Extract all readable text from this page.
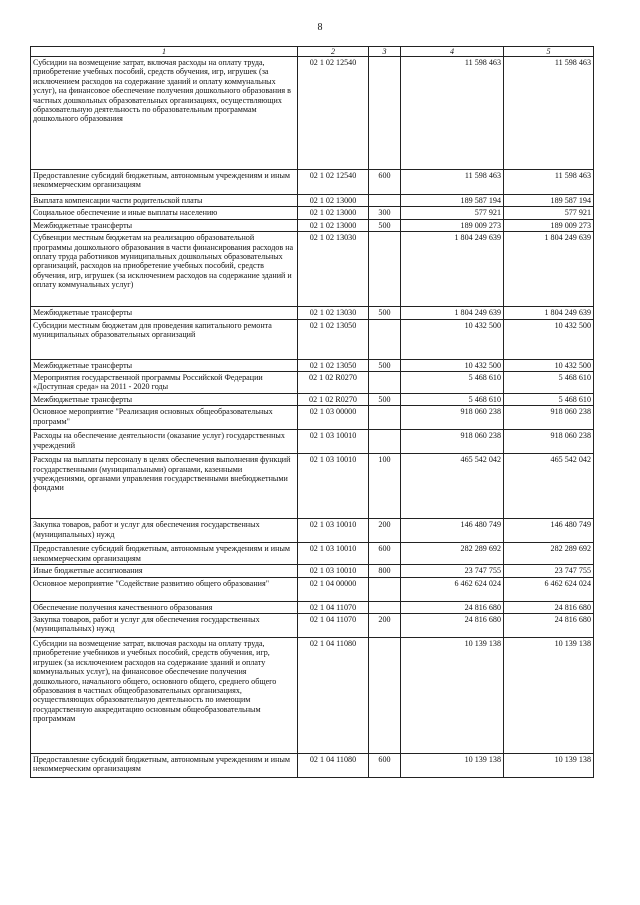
8
1	2	3	4	5
Субсидии на возмещение затрат, включая расходы на оплату труда, приобретение учебных пособий, средств обучения, игр, игрушек (за исключением расходов на содержание зданий и оплату коммунальных услуг), на финансовое обеспечение получения дошкольного образования в частных дошкольных образовательных организациях, осуществляющих образовательную деятельность по образовательным программам дошкольного образования	02 1 02 12540		11 598 463	11 598 463
Предоставление субсидий бюджетным, автономным учреждениям и иным некоммерческим организациям	02 1 02 12540	600	11 598 463	11 598 463
Выплата компенсации части родительской платы	02 1 02 13000		189 587 194	189 587 194
Социальное обеспечение и иные выплаты населению	02 1 02 13000	300	577 921	577 921
Межбюджетные трансферты	02 1 02 13000	500	189 009 273	189 009 273
Субвенции местным бюджетам на реализацию образовательной программы дошкольного образования в части финансирования расходов на оплату труда работников муниципальных дошкольных образовательных организаций, расходов на приобретение учебных пособий, средств обучения, игр, игрушек (за исключением расходов на содержание зданий и оплату коммунальных услуг)	02 1 02 13030		1 804 249 639	1 804 249 639
Межбюджетные трансферты	02 1 02 13030	500	1 804 249 639	1 804 249 639
Субсидии местным бюджетам для проведения капитального ремонта муниципальных образовательных организаций	02 1 02 13050		10 432 500	10 432 500
Межбюджетные трансферты	02 1 02 13050	500	10 432 500	10 432 500
Мероприятия государственной программы Российской Федерации «Доступная среда» на 2011 - 2020 годы	02 1 02 R0270		5 468 610	5 468 610
Межбюджетные трансферты	02 1 02 R0270	500	5 468 610	5 468 610
Основное мероприятие "Реализация основных общеобразовательных программ"	02 1 03 00000		918 060 238	918 060 238
Расходы на обеспечение деятельности (оказание услуг) государственных учреждений	02 1 03 10010		918 060 238	918 060 238
Расходы на выплаты персоналу в целях обеспечения выполнения функций государственными (муниципальными) органами, казенными учреждениями, органами управления государственными внебюджетными фондами	02 1 03 10010	100	465 542 042	465 542 042
Закупка товаров, работ и услуг для обеспечения государственных (муниципальных) нужд	02 1 03 10010	200	146 480 749	146 480 749
Предоставление субсидий бюджетным, автономным учреждениям и иным некоммерческим организациям	02 1 03 10010	600	282 289 692	282 289 692
Иные бюджетные ассигнования	02 1 03 10010	800	23 747 755	23 747 755
Основное мероприятие "Содействие развитию общего образования"	02 1 04 00000		6 462 624 024	6 462 624 024
Обеспечение получения качественного образования	02 1 04 11070		24 816 680	24 816 680
Закупка товаров, работ и услуг для обеспечения государственных (муниципальных) нужд	02 1 04 11070	200	24 816 680	24 816 680
Субсидии на возмещение затрат, включая расходы на оплату труда, приобретение учебников и учебных пособий, средств обучения, игр, игрушек (за исключением расходов на содержание зданий и оплату коммунальных услуг), на финансовое обеспечение получения дошкольного, начального общего, основного общего, среднего общего образования в частных общеобразовательных организациях, осуществляющих образовательную деятельность по имеющим государственную аккредитацию основным общеобразовательным программам	02 1 04 11080		10 139 138	10 139 138
Предоставление субсидий бюджетным, автономным учреждениям и иным некоммерческим организациям	02 1 04 11080	600	10 139 138	10 139 138
